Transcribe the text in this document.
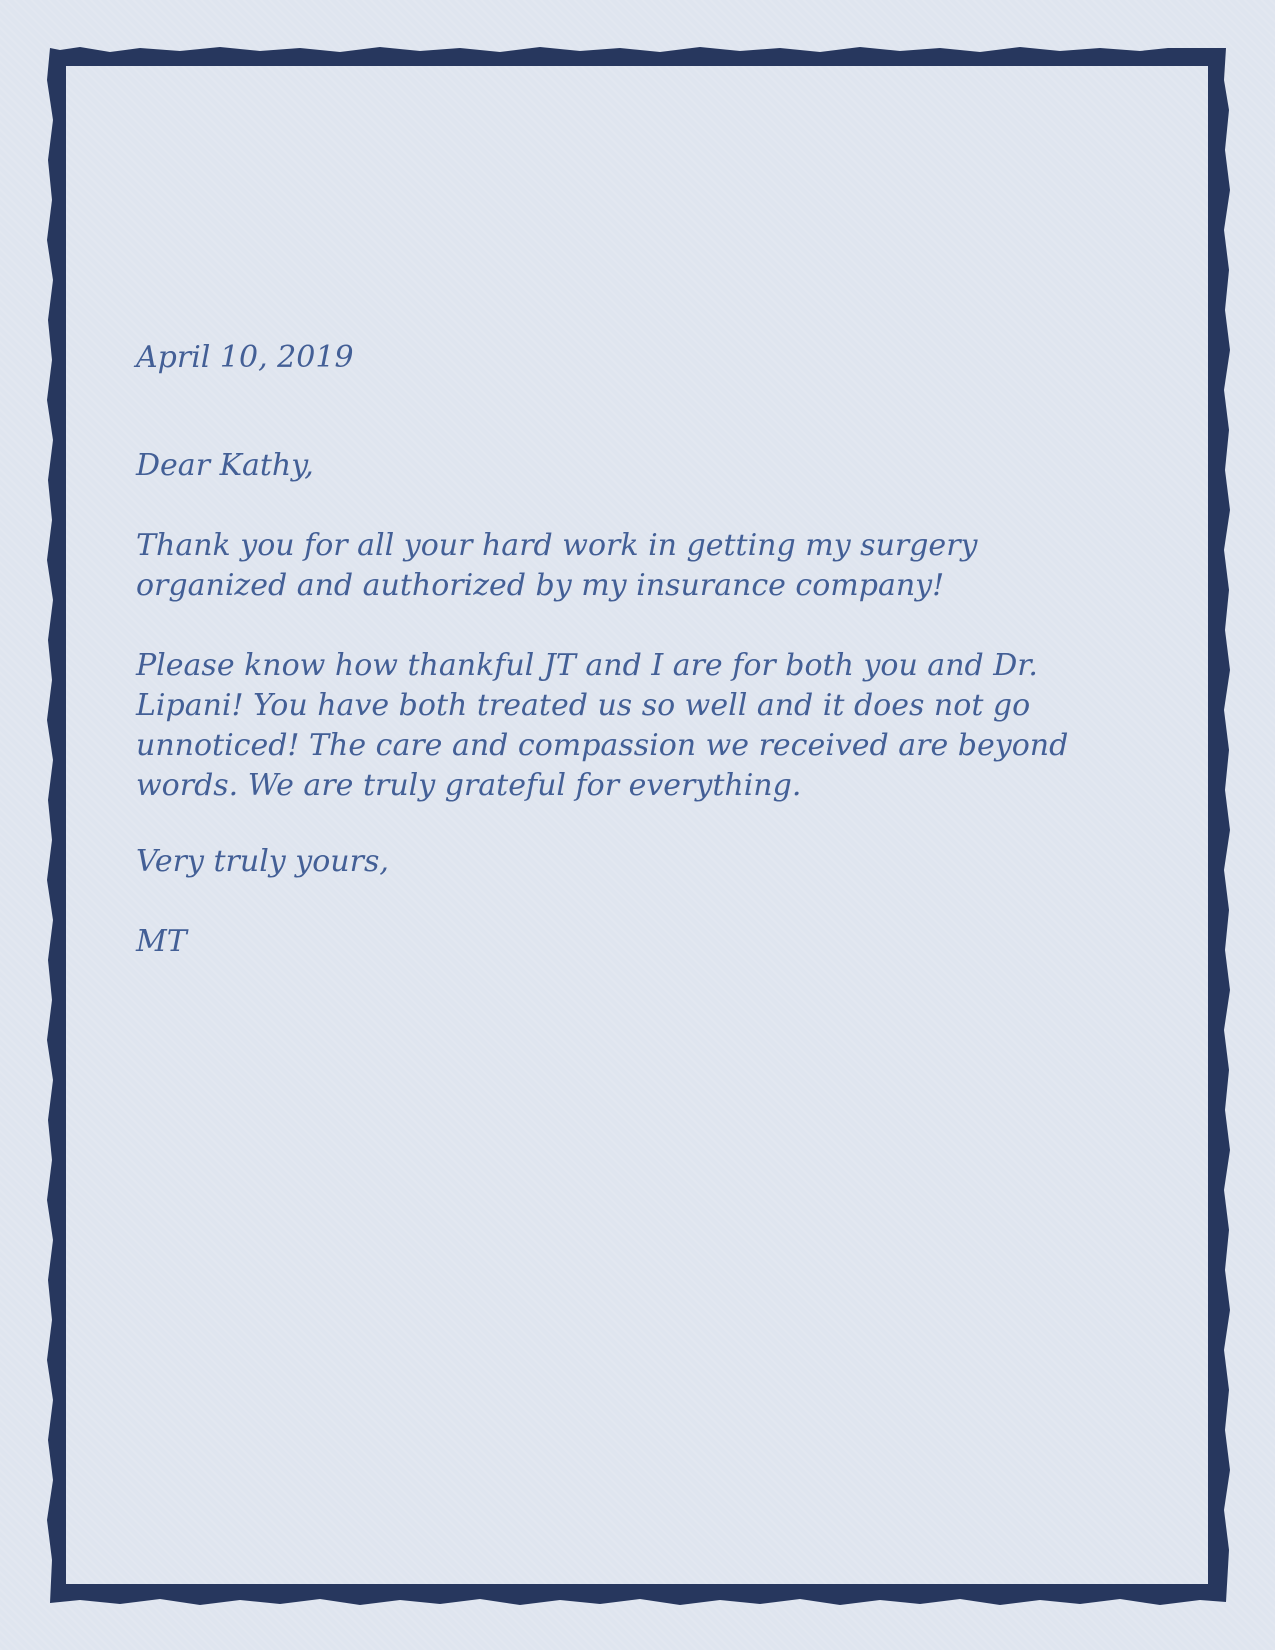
April 10, 2019

Dear Kathy,

Thank you for all your hard work in getting my surgery
organized and authorized by my insurance company!

Please know how thankful JT and I are for both you and Dr.
Lipani! You have both treated us so well and it does not go
unnoticed! The care and compassion we received are beyond
words. We are truly grateful for everything.

Very truly yours,

MT
